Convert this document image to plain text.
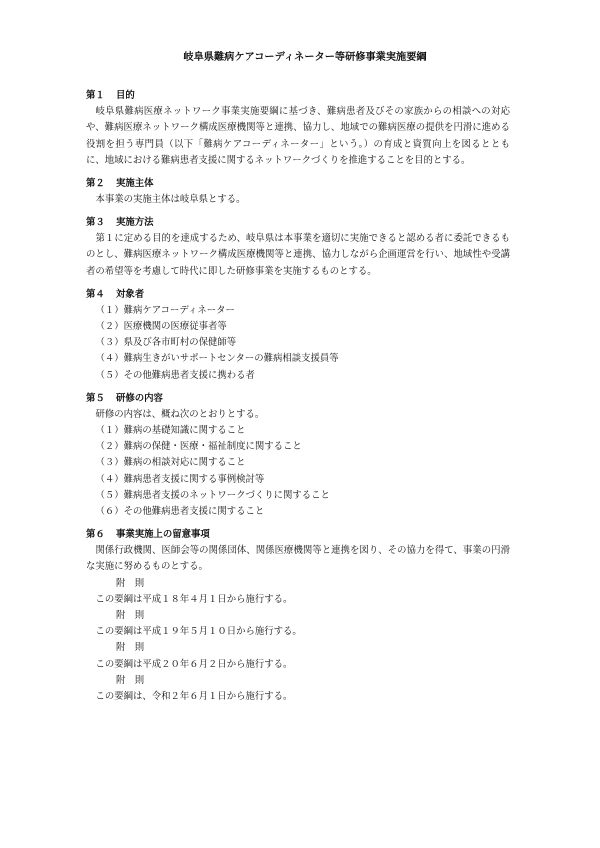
岐阜県難病ケアコーディネーター等研修事業実施要綱
第１ 目的

岐阜県難病医療ネットワーク事業実施要綱に基づき、難病患者及びその家族からの相談への対応や、難病医療ネットワーク構成医療機関等と連携、協力し、地域での難病医療の提供を円滑に進める役割を担う専門員（以下「難病ケアコーディネーター」という。）の育成と資質向上を図るとともに、地域における難病患者支援に関するネットワークづくりを推進することを目的とする。

第２ 実施主体

本事業の実施主体は岐阜県とする。

第３ 実施方法

第１に定める目的を達成するため、岐阜県は本事業を適切に実施できると認める者に委託できるものとし、難病医療ネットワーク構成医療機関等と連携、協力しながら企画運営を行い、地域性や受講者の希望等を考慮して時代に即した研修事業を実施するものとする。

第４ 対象者
（１）難病ケアコーディネーター
（２）医療機関の医療従事者等
（３）県及び各市町村の保健師等
（４）難病生きがいサポートセンターの難病相談支援員等
（５）その他難病患者支援に携わる者
第５ 研修の内容

研修の内容は、概ね次のとおりとする。

（１）難病の基礎知識に関すること
（２）難病の保健・医療・福祉制度に関すること
（３）難病の相談対応に関すること
（４）難病患者支援に関する事例検討等
（５）難病患者支援のネットワークづくりに関すること
（６）その他難病患者支援に関すること
第６ 事業実施上の留意事項

関係行政機関、医師会等の関係団体、関係医療機関等と連携を図り、その協力を得て、事業の円滑な実施に努めるものとする。

附　則
この要綱は平成１８年４月１日から施行する。
附　則
この要綱は平成１９年５月１０日から施行する。
附　則
この要綱は平成２０年６月２日から施行する。
附　則
この要綱は、令和２年６月１日から施行する。
